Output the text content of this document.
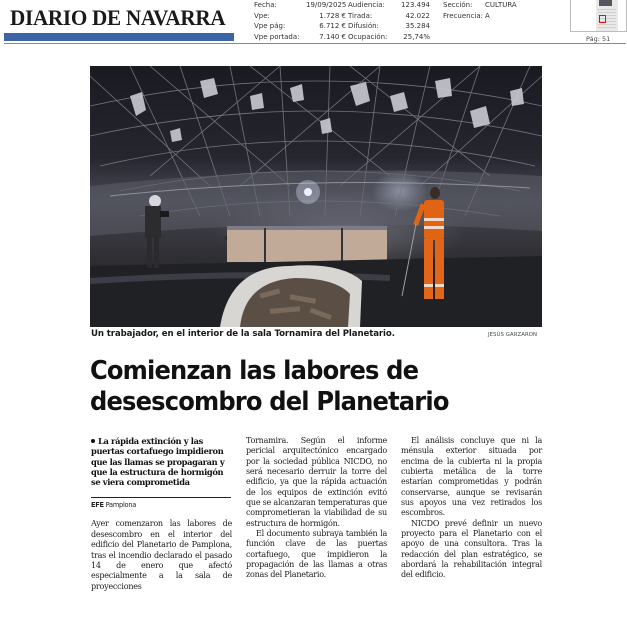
DIARIO DE NAVARRA	Fecha:	19/09/2025
Vpe:	1.728 €
Vpe pág:	6.712 €
Vpe portada:	7.140 €
Audiencia:	123.494
Tirada:	42.022
Difusión:	35.284
Ocupación:	25,74%
Sección:	CULTURA
Frecuencia: A
Pág: 51
Un trabajador, en el interior de la sala Tornamira del Planetario.	JESÚS GARZARON
Comienzan las labores de
desescombro del Planetario
La rápida extinción y las puertas cortafuego impidieron que las llamas se propagaran y que la estructura de hormigón se viera comprometida
EFE Pamplona

Ayer comenzaron las labores de desescombro en el interior del edificio del Planetario de Pamplona, tras el incendio declarado el pasado 14 de enero que afectó especialmente a la sala de proyecciones

Tornamira. Según el informe pericial arquitectónico encargado por la sociedad pública NICDO, no será necesario derruir la torre del edificio, ya que la rápida actuación de los equipos de extinción evitó que se alcanzaran temperaturas que comprometieran la viabilidad de su estructura de hormigón.

El documento subraya también la función clave de las puertas cortafuego, que impidieron la propagación de las llamas a otras zonas del Planetario.

El análisis concluye que ni la ménsula exterior situada por encima de la cubierta ni la propia cubierta metálica de la torre estarían comprometidas y podrán conservarse, aunque se revisarán sus apoyos una vez retirados los escombros.

NICDO prevé definir un nuevo proyecto para el Planetario con el apoyo de una consultora. Tras la redacción del plan estratégico, se abordará la rehabilitación integral del edificio.
